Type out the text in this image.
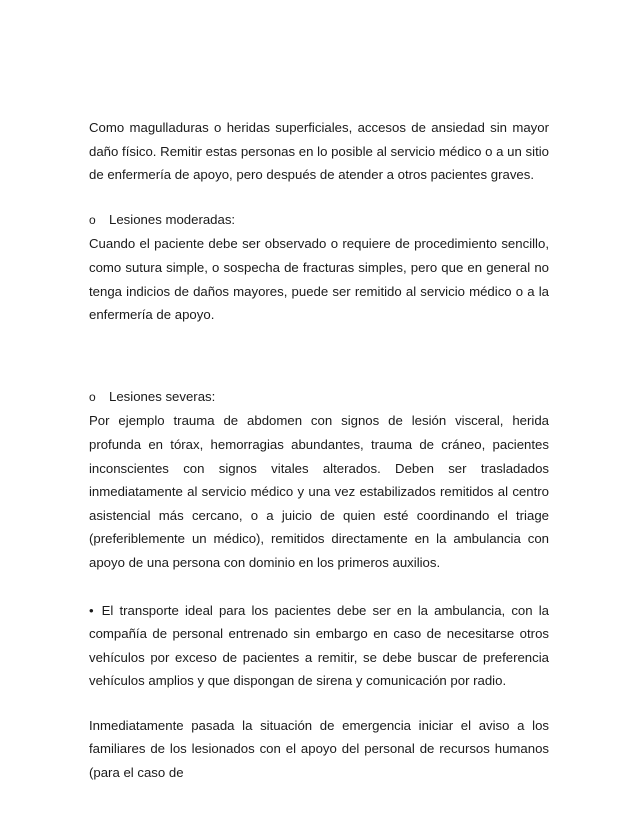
Como magulladuras o heridas superficiales, accesos de ansiedad sin mayor daño físico. Remitir estas personas en lo posible al servicio médico o a un sitio de enfermería de apoyo, pero después de atender a otros pacientes graves.

o	Lesiones moderadas:

Cuando el paciente debe ser observado o requiere de procedimiento sencillo, como sutura simple, o sospecha de fracturas simples, pero que en general no tenga indicios de daños mayores, puede ser remitido al servicio médico o a la enfermería de apoyo.

o	Lesiones severas:

Por ejemplo trauma de abdomen con signos de lesión visceral, herida profunda en tórax, hemorragias abundantes, trauma de cráneo, pacientes inconscientes con signos vitales alterados. Deben ser trasladados inmediatamente al servicio médico y una vez estabilizados remitidos al centro asistencial más cercano, o a juicio de quien esté coordinando el triage (preferiblemente un médico), remitidos directamente en la ambulancia con apoyo de una persona con dominio en los primeros auxilios.

• El transporte ideal para los pacientes debe ser en la ambulancia, con la compañía de personal entrenado sin embargo en caso de necesitarse otros vehículos por exceso de pacientes a remitir, se debe buscar de preferencia vehículos amplios y que dispongan de sirena y comunicación por radio.

Inmediatamente pasada la situación de emergencia iniciar el aviso a los familiares de los lesionados con el apoyo del personal de recursos humanos (para el caso de
